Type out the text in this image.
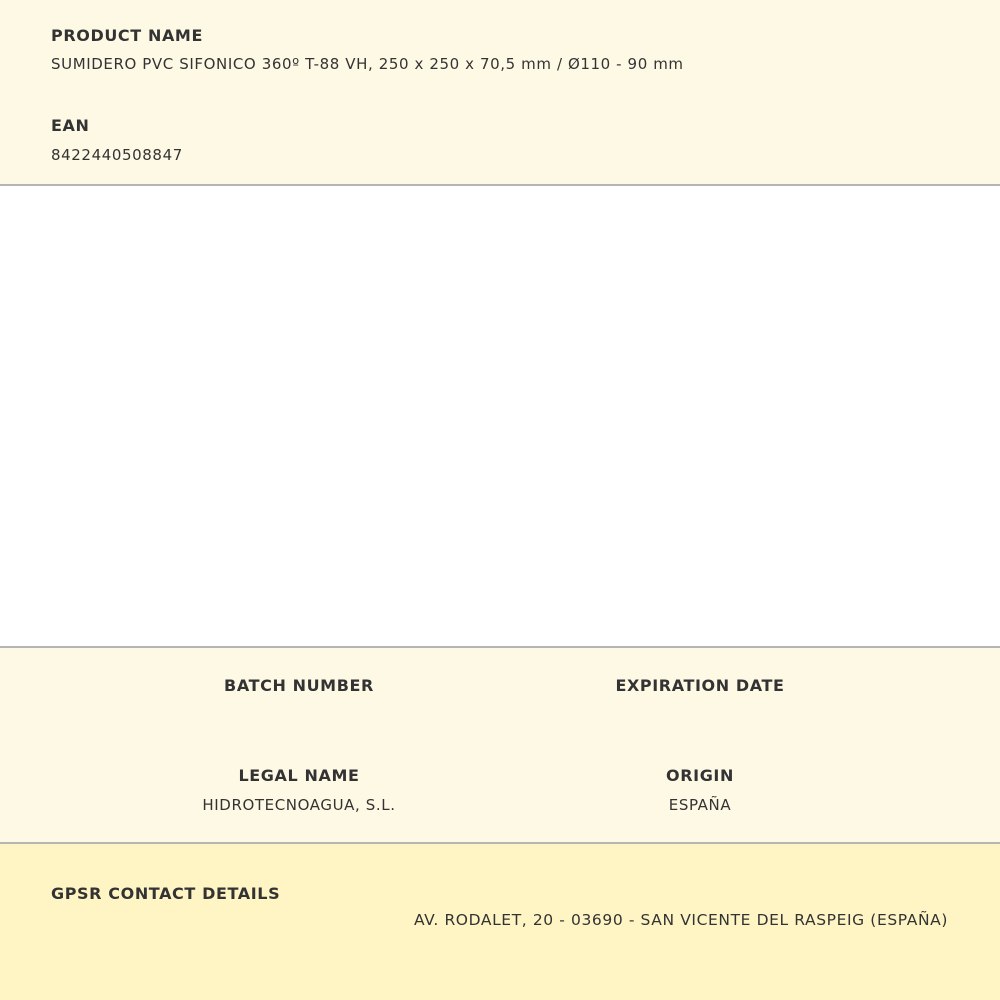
PRODUCT NAME
SUMIDERO PVC SIFONICO 360º T-88 VH, 250 x 250 x 70,5 mm / Ø110 - 90 mm
EAN
8422440508847
BATCH NUMBER	EXPIRATION DATE
LEGAL NAME
HIDROTECNOAGUA, S.L.
ORIGIN
ESPAÑA
GPSR CONTACT DETAILS
AV. RODALET, 20 - 03690 - SAN VICENTE DEL RASPEIG (ESPAÑA)
